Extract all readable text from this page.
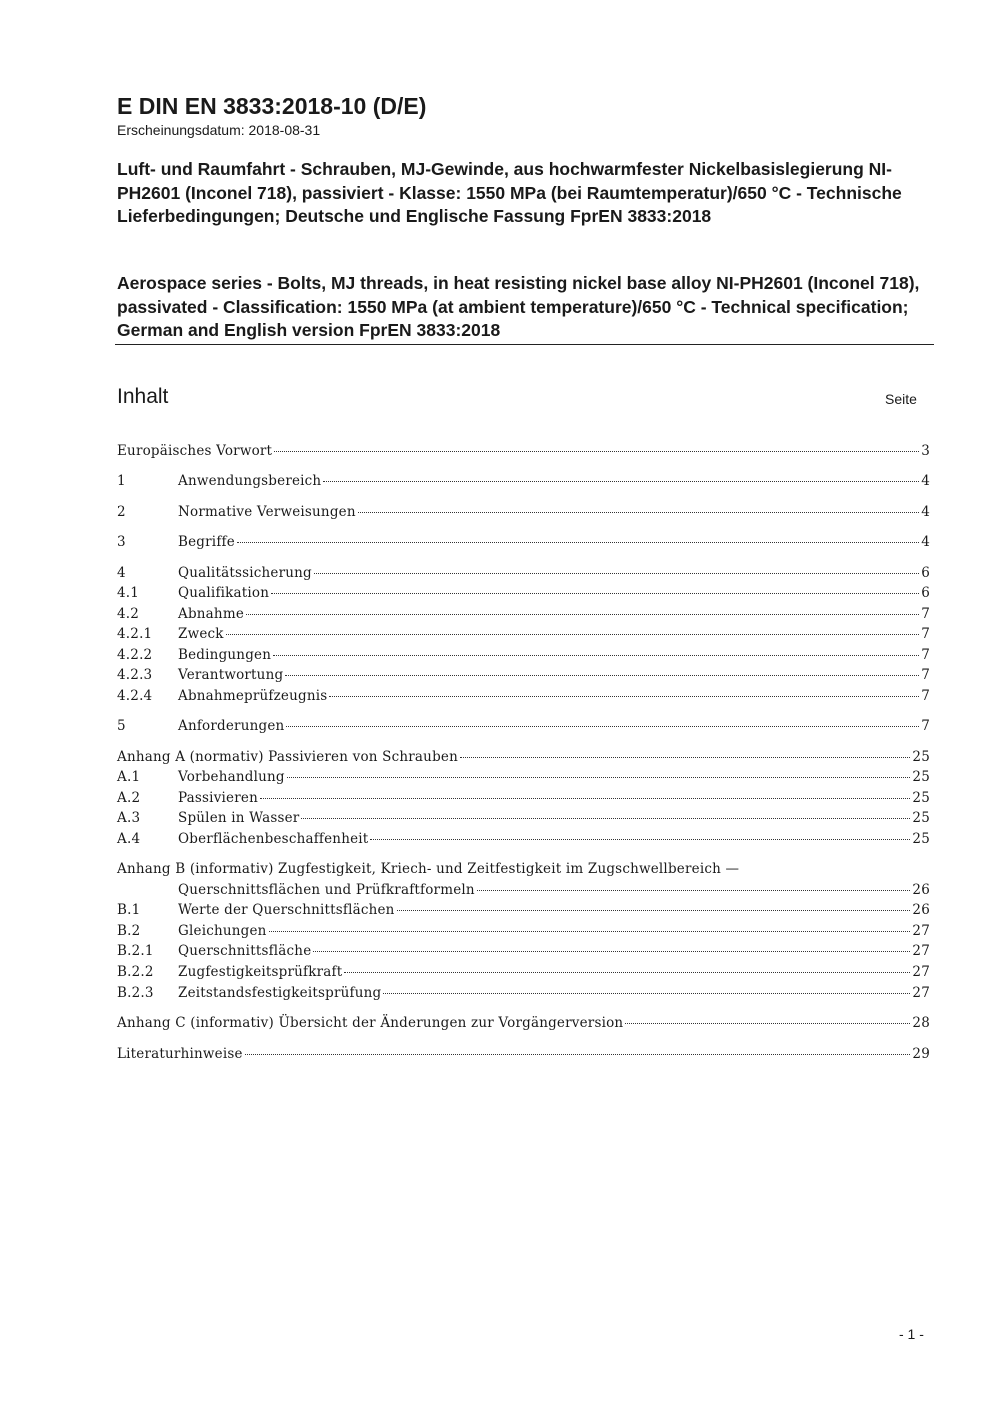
E DIN EN 3833:2018-10 (D/E)
Erscheinungsdatum: 2018-08-31
Luft- und Raumfahrt - Schrauben, MJ-Gewinde, aus hochwarmfester Nickelbasislegierung NI-PH2601 (Inconel 718), passiviert - Klasse: 1550 MPa (bei Raumtemperatur)/650 °C - Technische Lieferbedingungen; Deutsche und Englische Fassung FprEN 3833:2018
Aerospace series - Bolts, MJ threads, in heat resisting nickel base alloy NI-PH2601 (Inconel 718), passivated - Classification: 1550 MPa (at ambient temperature)/650 °C - Technical specification; German and English version FprEN 3833:2018
Inhalt	Seite
Europäisches Vorwort	3
1	Anwendungsbereich	4
2	Normative Verweisungen	4
3	Begriffe	4
4	Qualitätssicherung	6
4.1	Qualifikation	6
4.2	Abnahme	7
4.2.1	Zweck	7
4.2.2	Bedingungen	7
4.2.3	Verantwortung	7
4.2.4	Abnahmeprüfzeugnis	7
5	Anforderungen	7
Anhang A (normativ) Passivieren von Schrauben	25
A.1	Vorbehandlung	25
A.2	Passivieren	25
A.3	Spülen in Wasser	25
A.4	Oberflächenbeschaffenheit	25
Anhang B (informativ) Zugfestigkeit, Kriech- und Zeitfestigkeit im Zugschwellbereich —
Querschnittsflächen und Prüfkraftformeln	26
B.1	Werte der Querschnittsflächen	26
B.2	Gleichungen	27
B.2.1	Querschnittsfläche	27
B.2.2	Zugfestigkeitsprüfkraft	27
B.2.3	Zeitstandsfestigkeitsprüfung	27
Anhang C (informativ) Übersicht der Änderungen zur Vorgängerversion	28
Literaturhinweise	29
- 1 -
